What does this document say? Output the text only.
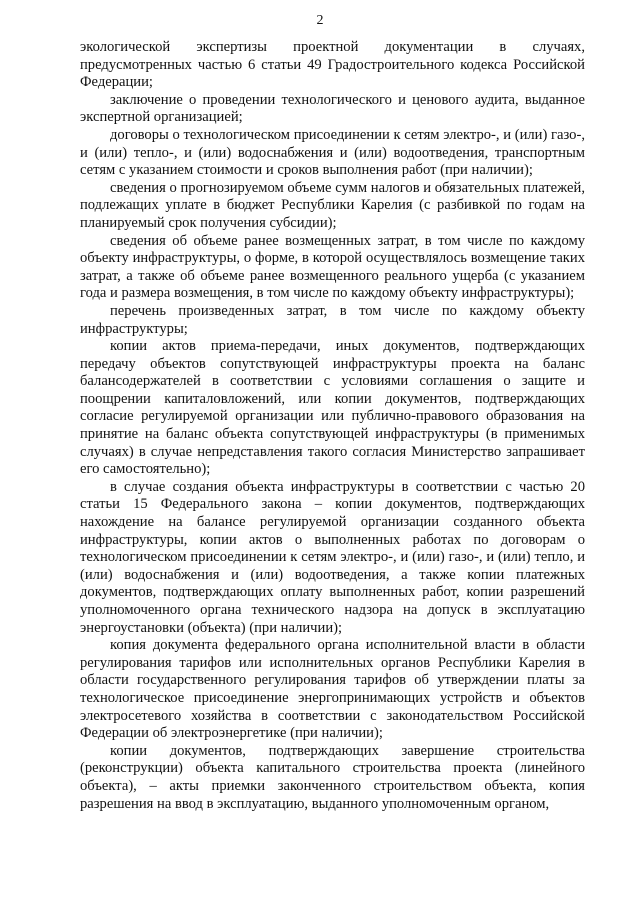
2

экологической экспертизы проектной документации в случаях, предусмотренных частью 6 статьи 49 Градостроительного кодекса Российской Федерации;

заключение о проведении технологического и ценового аудита, выданное экспертной организацией;

договоры о технологическом присоединении к сетям электро-, и (или) газо-, и (или) тепло-, и (или) водоснабжения и (или) водоотведения, транспортным сетям с указанием стоимости и сроков выполнения работ (при наличии);

сведения о прогнозируемом объеме сумм налогов и обязательных платежей, подлежащих уплате в бюджет Республики Карелия (с разбивкой по годам на планируемый срок получения субсидии);

сведения об объеме ранее возмещенных затрат, в том числе по каждому объекту инфраструктуры, о форме, в которой осуществлялось возмещение таких затрат, а также об объеме ранее возмещенного реального ущерба (с указанием года и размера возмещения, в том числе по каждому объекту инфраструктуры);

перечень произведенных затрат, в том числе по каждому объекту инфраструктуры;

копии актов приема-передачи, иных документов, подтверждающих передачу объектов сопутствующей инфраструктуры проекта на баланс балансодержателей в соответствии с условиями соглашения о защите и поощрении капиталовложений, или копии документов, подтверждающих согласие регулируемой организации или публично-правового образования на принятие на баланс объекта сопутствующей инфраструктуры (в применимых случаях) в случае непредставления такого согласия Министерство запрашивает его самостоятельно);

в случае создания объекта инфраструктуры в соответствии с частью 20 статьи 15 Федерального закона – копии документов, подтверждающих нахождение на балансе регулируемой организации созданного объекта инфраструктуры, копии актов о выполненных работах по договорам о технологическом присоединении к сетям электро-, и (или) газо-, и (или) тепло, и (или) водоснабжения и (или) водоотведения, а также копии платежных документов, подтверждающих оплату выполненных работ, копии разрешений уполномоченного органа технического надзора на допуск в эксплуатацию энергоустановки (объекта) (при наличии);

копия документа федерального органа исполнительной власти в области регулирования тарифов или исполнительных органов Республики Карелия в области государственного регулирования тарифов об утверждении платы за технологическое присоединение энергопринимающих устройств и объектов электросетевого хозяйства в соответствии с законодательством Российской Федерации об электроэнергетике (при наличии);

копии документов, подтверждающих завершение строительства (реконструкции) объекта капитального строительства проекта (линейного объекта), – акты приемки законченного строительством объекта, копия разрешения на ввод в эксплуатацию, выданного уполномоченным органом,
